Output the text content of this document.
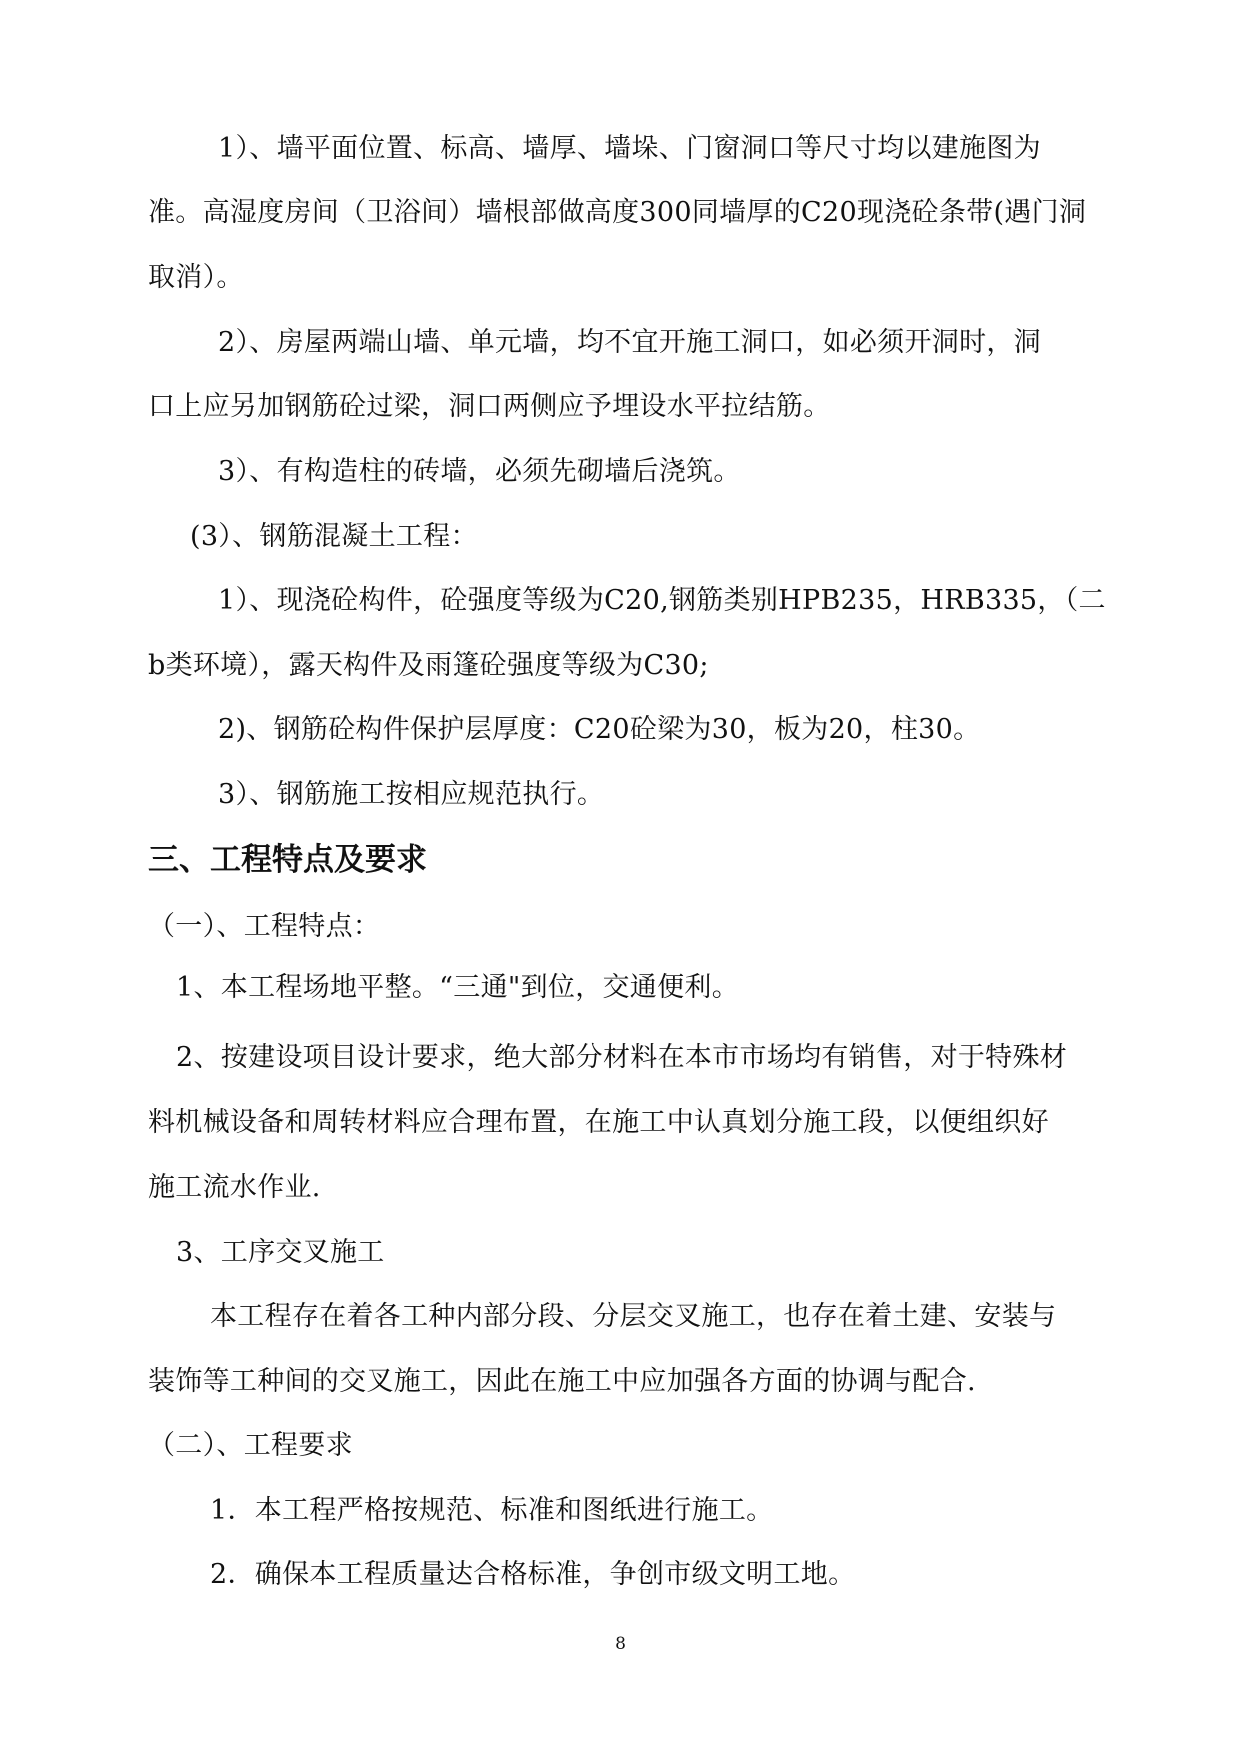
1）、墙平面位置、标高、墙厚、墙垛、门窗洞口等尺寸均以建施图为
准。高湿度房间（卫浴间）墙根部做高度300同墙厚的C20现浇砼条带(遇门洞
取消）。
2）、房屋两端山墙、单元墙，均不宜开施工洞口，如必须开洞时，洞
口上应另加钢筋砼过梁，洞口两侧应予埋设水平拉结筋。
3）、有构造柱的砖墙，必须先砌墙后浇筑。
(3）、钢筋混凝土工程：
1）、现浇砼构件，砼强度等级为C20,钢筋类别HPB235，HRB335，（二
b类环境），露天构件及雨篷砼强度等级为C30;
2)、钢筋砼构件保护层厚度：C20砼梁为30，板为20，柱30。
3）、钢筋施工按相应规范执行。
三、工程特点及要求
（一）、工程特点：
1、本工程场地平整。“三通"到位，交通便利。
2、按建设项目设计要求，绝大部分材料在本市市场均有销售，对于特殊材
料机械设备和周转材料应合理布置，在施工中认真划分施工段，以便组织好
施工流水作业.
3、工序交叉施工
本工程存在着各工种内部分段、分层交叉施工，也存在着土建、安装与
装饰等工种间的交叉施工，因此在施工中应加强各方面的协调与配合.
（二）、工程要求
1．本工程严格按规范、标准和图纸进行施工。
2．确保本工程质量达合格标准，争创市级文明工地。
8
